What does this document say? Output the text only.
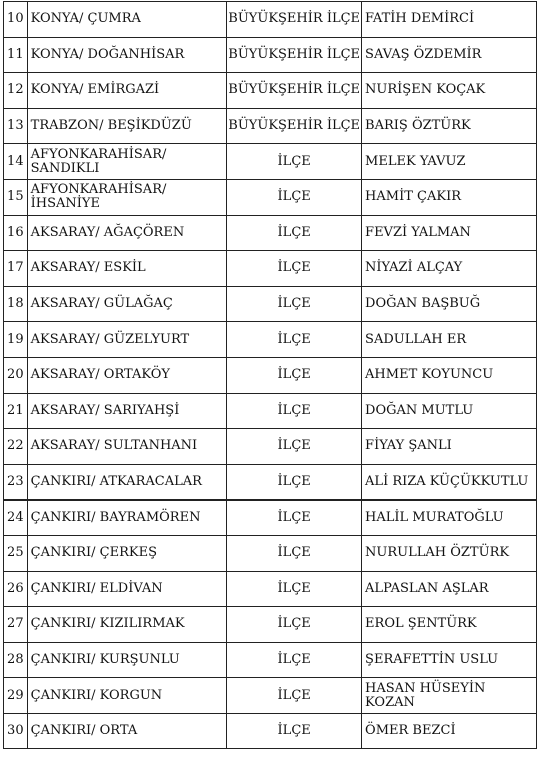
10	KONYA/ ÇUMRA	BÜYÜKŞEHİR İLÇE	FATİH DEMİRCİ
11	KONYA/ DOĞANHİSAR	BÜYÜKŞEHİR İLÇE	SAVAŞ ÖZDEMİR
12	KONYA/ EMİRGAZİ	BÜYÜKŞEHİR İLÇE	NURİŞEN KOÇAK
13	TRABZON/ BEŞİKDÜZÜ	BÜYÜKŞEHİR İLÇE	BARIŞ ÖZTÜRK
14	AFYONKARAHİSAR/ SANDIKLI	İLÇE	MELEK YAVUZ
15	AFYONKARAHİSAR/ İHSANİYE	İLÇE	HAMİT ÇAKIR
16	AKSARAY/ AĞAÇÖREN	İLÇE	FEVZİ YALMAN
17	AKSARAY/ ESKİL	İLÇE	NİYAZİ ALÇAY
18	AKSARAY/ GÜLAĞAÇ	İLÇE	DOĞAN BAŞBUĞ
19	AKSARAY/ GÜZELYURT	İLÇE	SADULLAH ER
20	AKSARAY/ ORTAKÖY	İLÇE	AHMET KOYUNCU
21	AKSARAY/ SARIYAHŞİ	İLÇE	DOĞAN MUTLU
22	AKSARAY/ SULTANHANI	İLÇE	FİYAY ŞANLI
23	ÇANKIRI/ ATKARACALAR	İLÇE	ALİ RIZA KÜÇÜKKUTLU
24	ÇANKIRI/ BAYRAMÖREN	İLÇE	HALİL MURATOĞLU
25	ÇANKIRI/ ÇERKEŞ	İLÇE	NURULLAH ÖZTÜRK
26	ÇANKIRI/ ELDİVAN	İLÇE	ALPASLAN AŞLAR
27	ÇANKIRI/ KIZILIRMAK	İLÇE	EROL ŞENTÜRK
28	ÇANKIRI/ KURŞUNLU	İLÇE	ŞERAFETTİN USLU
29	ÇANKIRI/ KORGUN	İLÇE	HASAN HÜSEYİN KOZAN
30	ÇANKIRI/ ORTA	İLÇE	ÖMER BEZCİ
